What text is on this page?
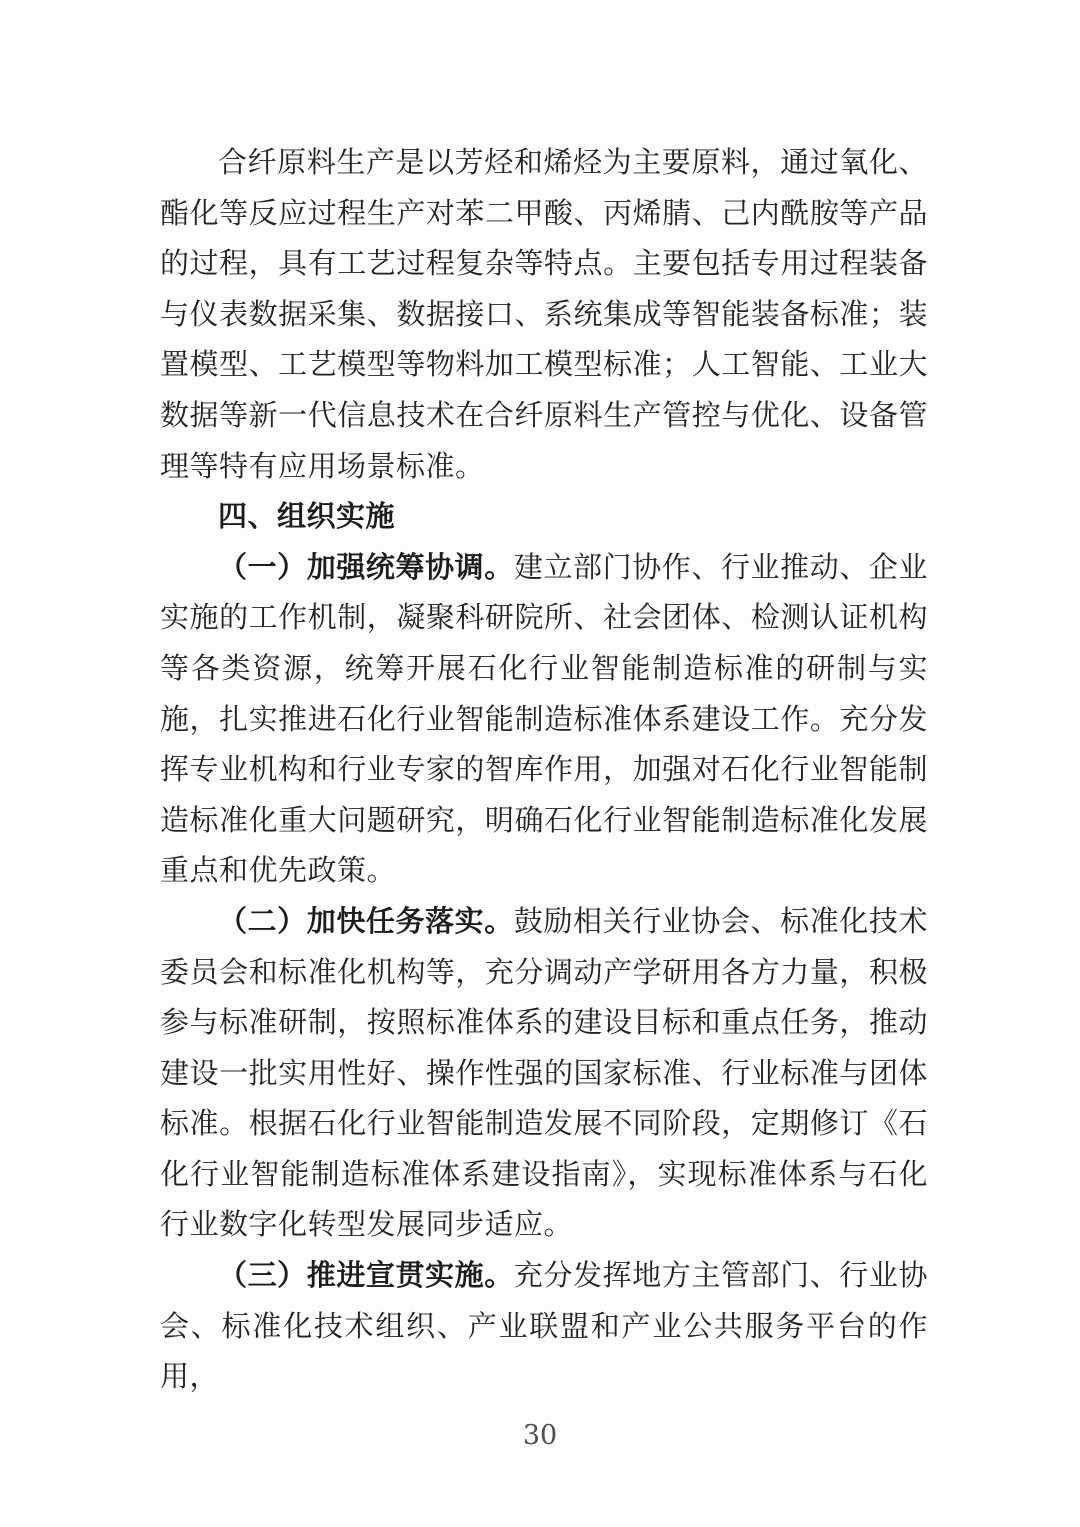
合纤原料生产是以芳烃和烯烃为主要原料，通过氧化、酯化等反应过程生产对苯二甲酸、丙烯腈、己内酰胺等产品的过程，具有工艺过程复杂等特点。主要包括专用过程装备与仪表数据采集、数据接口、系统集成等智能装备标准；装置模型、工艺模型等物料加工模型标准；人工智能、工业大数据等新一代信息技术在合纤原料生产管控与优化、设备管理等特有应用场景标准。

四、组织实施

（一）加强统筹协调。建立部门协作、行业推动、企业实施的工作机制，凝聚科研院所、社会团体、检测认证机构等各类资源，统筹开展石化行业智能制造标准的研制与实施，扎实推进石化行业智能制造标准体系建设工作。充分发挥专业机构和行业专家的智库作用，加强对石化行业智能制造标准化重大问题研究，明确石化行业智能制造标准化发展重点和优先政策。

（二）加快任务落实。鼓励相关行业协会、标准化技术委员会和标准化机构等，充分调动产学研用各方力量，积极参与标准研制，按照标准体系的建设目标和重点任务，推动建设一批实用性好、操作性强的国家标准、行业标准与团体标准。根据石化行业智能制造发展不同阶段，定期修订《石化行业智能制造标准体系建设指南》，实现标准体系与石化行业数字化转型发展同步适应。

（三）推进宣贯实施。充分发挥地方主管部门、行业协会、标准化技术组织、产业联盟和产业公共服务平台的作用，

30
